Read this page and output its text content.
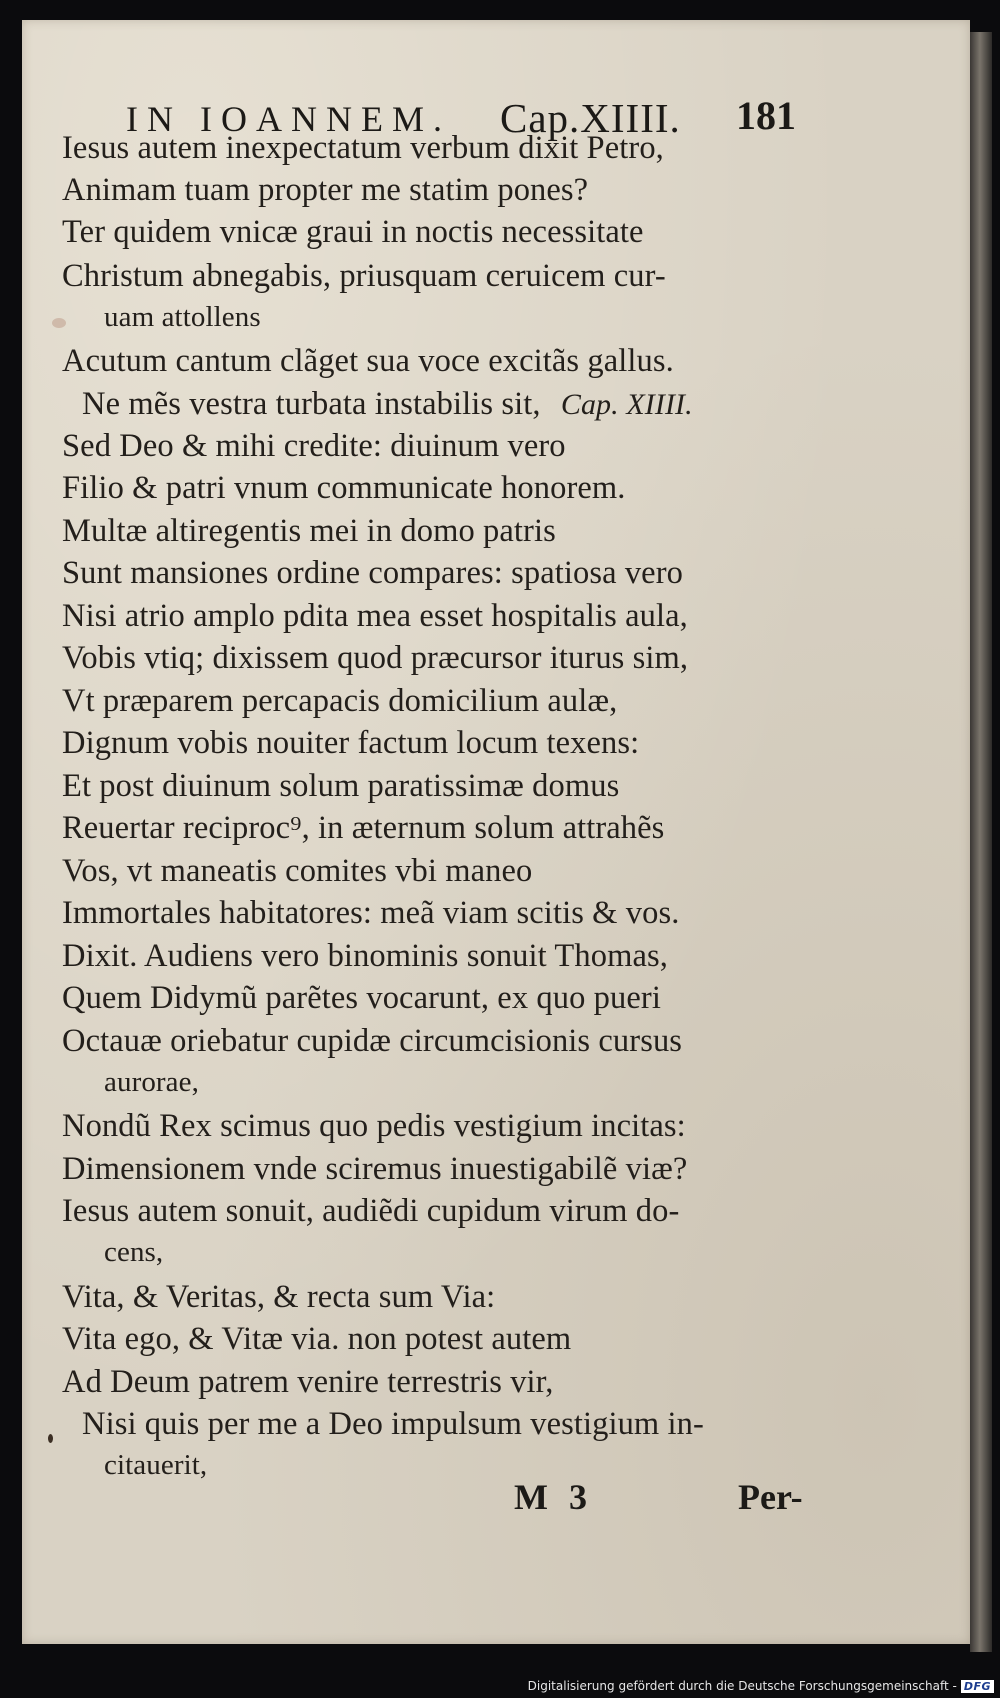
IN IOANNEM. Cap.XIIII. 181
Iesus autem inexpectatum verbum dixit Petro,
Animam tuam propter me statim pones?
Ter quidem vnicæ graui in noctis necessitate
Christum abnegabis, priusquam ceruicem cur-
uam attollens
Acutum cantum clãget sua voce excitãs gallus.
Ne mẽs vestra turbata instabilis sit, Cap. XIIII.
Sed Deo & mihi credite: diuinum vero
Filio & patri vnum communicate honorem.
Multæ altiregentis mei in domo patris
Sunt mansiones ordine compares: spatiosa vero
Nisi atrio amplo pdita mea esset hospitalis aula,
Vobis vtiq; dixissem quod præcursor iturus sim,
Vt præparem percapacis domicilium aulæ,
Dignum vobis nouiter factum locum texens:
Et post diuinum solum paratissimæ domus
Reuertar reciproc⁹, in æternum solum attrahẽs
Vos, vt maneatis comites vbi maneo
Immortales habitatores: meã viam scitis & vos.
Dixit. Audiens vero binominis sonuit Thomas,
Quem Didymũ parẽtes vocarunt, ex quo pueri
Octauæ oriebatur cupidæ circumcisionis cursus
aurorae,
Nondũ Rex scimus quo pedis vestigium incitas:
Dimensionem vnde sciremus inuestigabilẽ viæ?
Iesus autem sonuit, audiẽdi cupidum virum do-
cens,
Vita, & Veritas, & recta sum Via:
Vita ego, & Vitæ via. non potest autem
Ad Deum patrem venire terrestris vir,
Nisi quis per me a Deo impulsum vestigium in-
citauerit,
M 3	Per-
Digitalisierung gefördert durch die Deutsche Forschungsgemeinschaft - DFG
